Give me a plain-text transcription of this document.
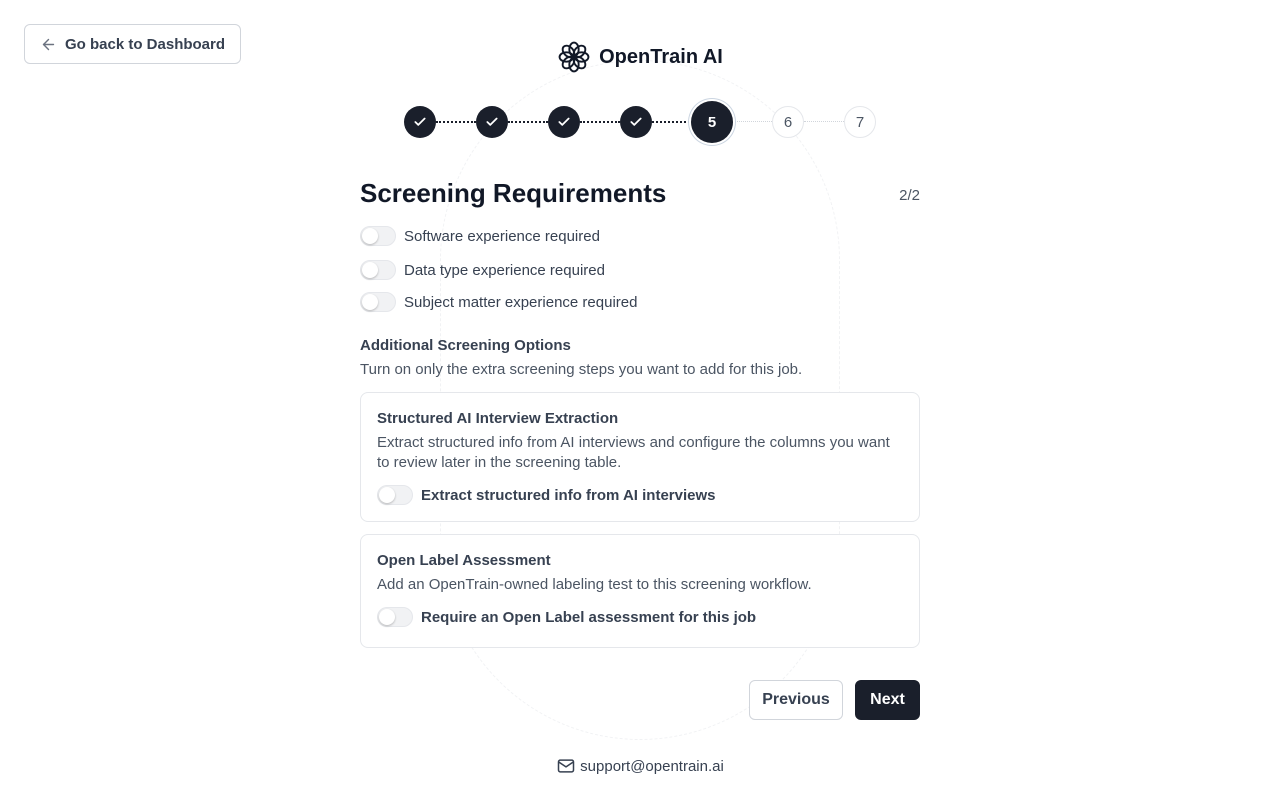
Go back to Dashboard
OpenTrain AI
5	6	7
Screening Requirements	2/2
Software experience required
Data type experience required
Subject matter experience required
Additional Screening Options
Turn on only the extra screening steps you want to add for this job.
Structured AI Interview Extraction
Extract structured info from AI interviews and configure the columns you want to review later in the screening table.
Extract structured info from AI interviews
Open Label Assessment
Add an OpenTrain-owned labeling test to this screening workflow.
Require an Open Label assessment for this job
Previous	Next
support@opentrain.ai
